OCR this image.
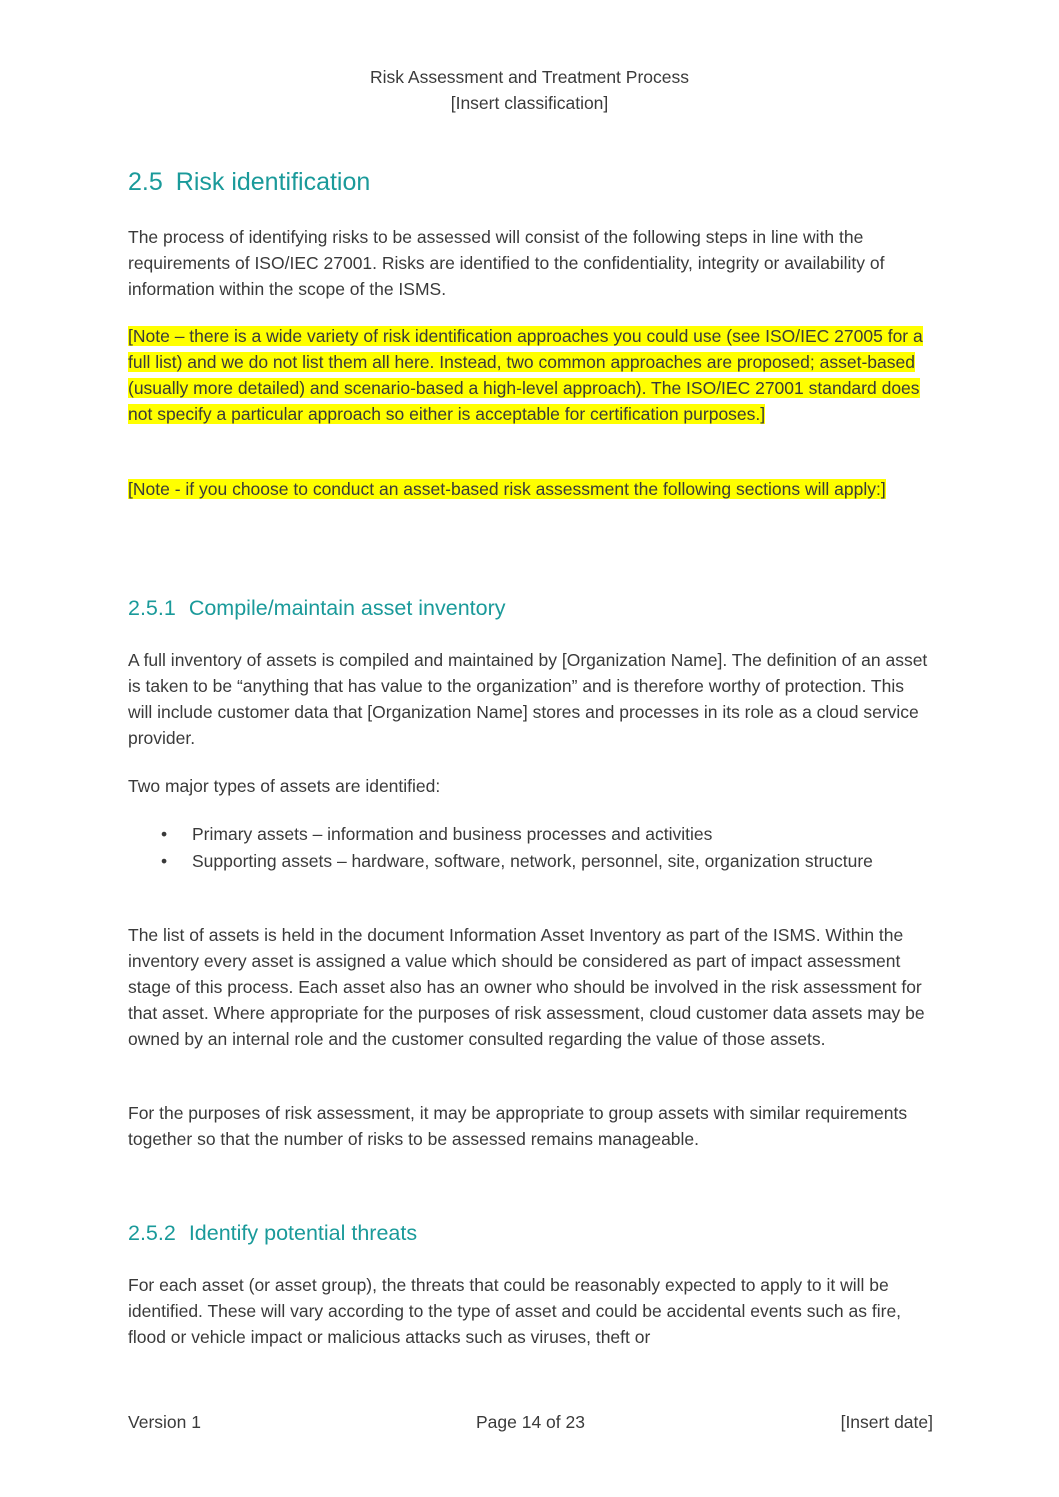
Risk Assessment and Treatment Process
[Insert classification]
2.5 Risk identification

The process of identifying risks to be assessed will consist of the following steps in line with the requirements of ISO/IEC 27001. Risks are identified to the confidentiality, integrity or availability of information within the scope of the ISMS.

[Note – there is a wide variety of risk identification approaches you could use (see ISO/IEC 27005 for a full list) and we do not list them all here. Instead, two common approaches are proposed; asset-based (usually more detailed) and scenario-based a high-level approach). The ISO/IEC 27001 standard does not specify a particular approach so either is acceptable for certification purposes.]

[Note - if you choose to conduct an asset-based risk assessment the following sections will apply:]

2.5.1 Compile/maintain asset inventory

A full inventory of assets is compiled and maintained by [Organization Name]. The definition of an asset is taken to be “anything that has value to the organization” and is therefore worthy of protection. This will include customer data that [Organization Name] stores and processes in its role as a cloud service provider.

Two major types of assets are identified:

• Primary assets – information and business processes and activities
• Supporting assets – hardware, software, network, personnel, site, organization structure

The list of assets is held in the document Information Asset Inventory as part of the ISMS. Within the inventory every asset is assigned a value which should be considered as part of impact assessment stage of this process. Each asset also has an owner who should be involved in the risk assessment for that asset. Where appropriate for the purposes of risk assessment, cloud customer data assets may be owned by an internal role and the customer consulted regarding the value of those assets.

For the purposes of risk assessment, it may be appropriate to group assets with similar requirements together so that the number of risks to be assessed remains manageable.

2.5.2 Identify potential threats

For each asset (or asset group), the threats that could be reasonably expected to apply to it will be identified. These will vary according to the type of asset and could be accidental events such as fire, flood or vehicle impact or malicious attacks such as viruses, theft or

Version 1	Page 14 of 23	[Insert date]
